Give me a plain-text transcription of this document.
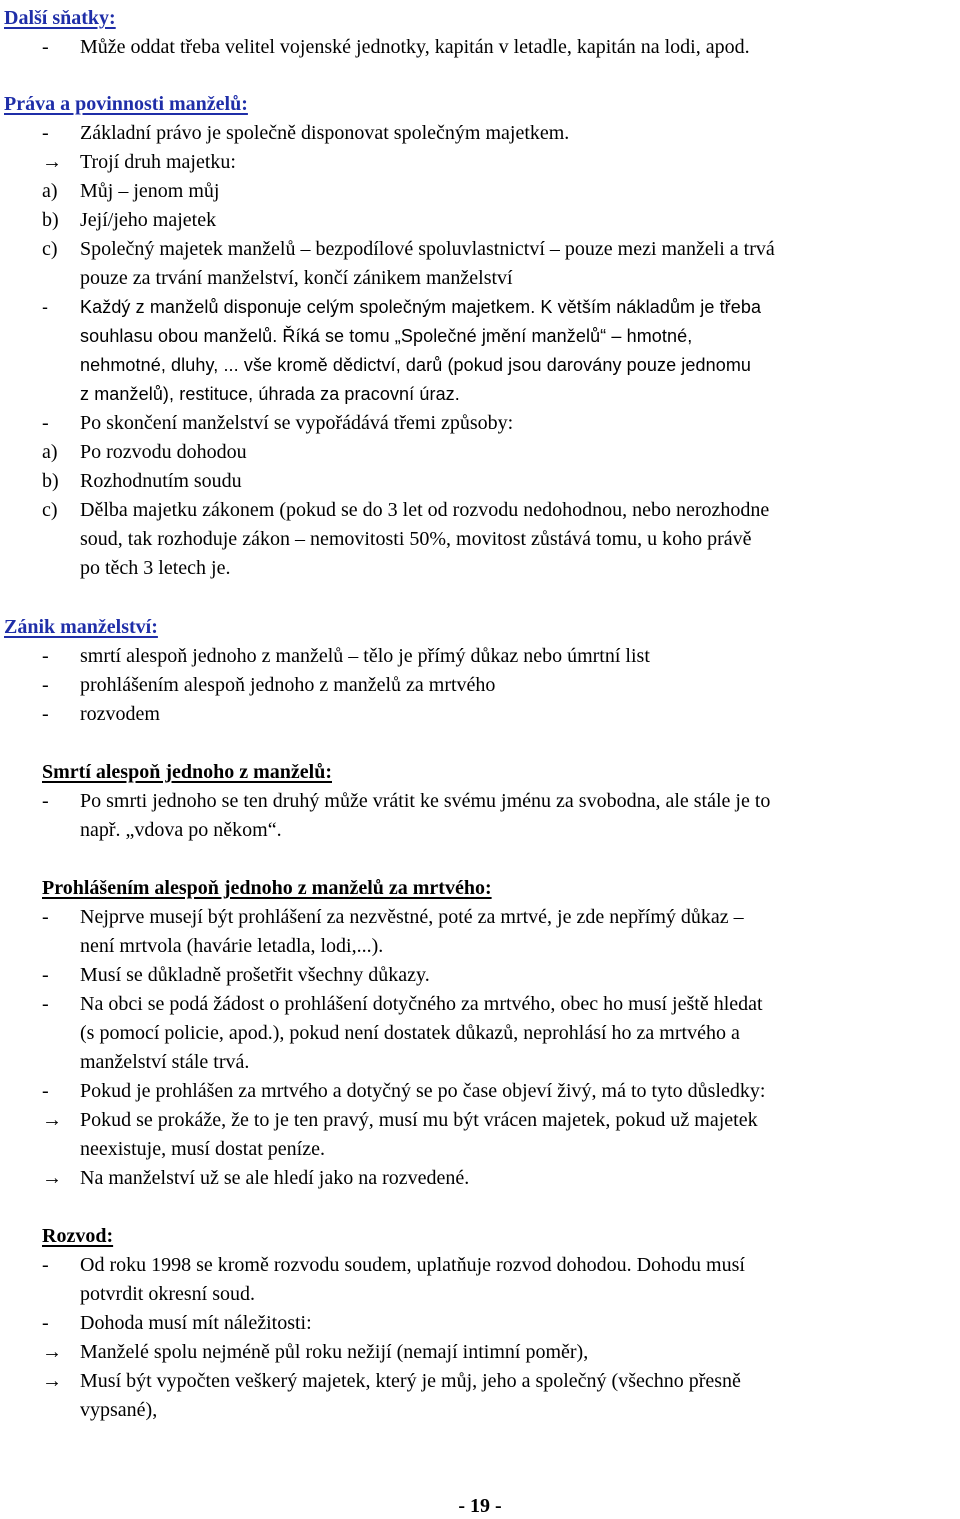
Další sňatky:
- Může oddat třeba velitel vojenské jednotky, kapitán v letadle, kapitán na lodi, apod.
Práva a povinnosti manželů:
- Základní právo je společně disponovat společným majetkem.
→ Trojí druh majetku:
a) Můj – jenom můj
b) Její/jeho majetek
c) Společný majetek manželů – bezpodílové spoluvlastnictví – pouze mezi manželi a trvá
pouze za trvání manželství, končí zánikem manželství
- Každý z manželů disponuje celým společným majetkem. K větším nákladům je třeba
souhlasu obou manželů. Říká se tomu „Společné jmění manželů“ – hmotné,
nehmotné, dluhy, ... vše kromě dědictví, darů (pokud jsou darovány pouze jednomu
z manželů), restituce, úhrada za pracovní úraz.
- Po skončení manželství se vypořádává třemi způsoby:
a) Po rozvodu dohodou
b) Rozhodnutím soudu
c) Dělba majetku zákonem (pokud se do 3 let od rozvodu nedohodnou, nebo nerozhodne
soud, tak rozhoduje zákon – nemovitosti 50%, movitost zůstává tomu, u koho právě
po těch 3 letech je.
Zánik manželství:
- smrtí alespoň jednoho z manželů – tělo je přímý důkaz nebo úmrtní list
- prohlášením alespoň jednoho z manželů za mrtvého
- rozvodem
Smrtí alespoň jednoho z manželů:
- Po smrti jednoho se ten druhý může vrátit ke svému jménu za svobodna, ale stále je to
např. „vdova po někom“.
Prohlášením alespoň jednoho z manželů za mrtvého:
- Nejprve musejí být prohlášení za nezvěstné, poté za mrtvé, je zde nepřímý důkaz –
není mrtvola (havárie letadla, lodi,...).
- Musí se důkladně prošetřit všechny důkazy.
- Na obci se podá žádost o prohlášení dotyčného za mrtvého, obec ho musí ještě hledat
(s pomocí policie, apod.), pokud není dostatek důkazů, neprohlásí ho za mrtvého a
manželství stále trvá.
- Pokud je prohlášen za mrtvého a dotyčný se po čase objeví živý, má to tyto důsledky:
→ Pokud se prokáže, že to je ten pravý, musí mu být vrácen majetek, pokud už majetek
neexistuje, musí dostat peníze.
→ Na manželství už se ale hledí jako na rozvedené.
Rozvod:
- Od roku 1998 se kromě rozvodu soudem, uplatňuje rozvod dohodou. Dohodu musí
potvrdit okresní soud.
- Dohoda musí mít náležitosti:
→ Manželé spolu nejméně půl roku nežijí (nemají intimní poměr),
→ Musí být vypočten veškerý majetek, který je můj, jeho a společný (všechno přesně
vypsané),
- 19 -
